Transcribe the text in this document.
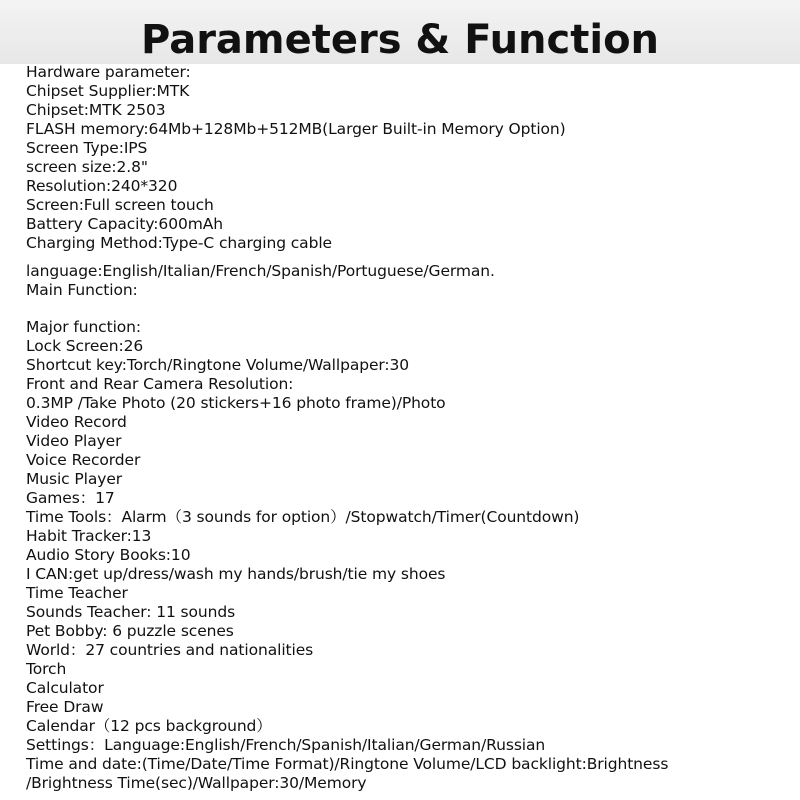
Parameters & Function
Hardware parameter:
Chipset Supplier:MTK
Chipset:MTK 2503
FLASH memory:64Mb+128Mb+512MB(Larger Built-in Memory Option)
Screen Type:IPS
screen size:2.8"
Resolution:240*320
Screen:Full screen touch
Battery Capacity:600mAh
Charging Method:Type-C charging cable
language:English/Italian/French/Spanish/Portuguese/German.
Main Function:
Major function:
Lock Screen:26
Shortcut key:Torch/Ringtone Volume/Wallpaper:30
Front and Rear Camera Resolution:
0.3MP /Take Photo (20 stickers+16 photo frame)/Photo
Video Record
Video Player
Voice Recorder
Music Player
Games：17
Time Tools：Alarm（3 sounds for option）/Stopwatch/Timer(Countdown)
Habit Tracker:13
Audio Story Books:10
I CAN:get up/dress/wash my hands/brush/tie my shoes
Time Teacher
Sounds Teacher: 11 sounds
Pet Bobby: 6 puzzle scenes
World：27 countries and nationalities
Torch
Calculator
Free Draw
Calendar（12 pcs background）
Settings：Language:English/French/Spanish/Italian/German/Russian
Time and date:(Time/Date/Time Format)/Ringtone Volume/LCD backlight:Brightness
/Brightness Time(sec)/Wallpaper:30/Memory
